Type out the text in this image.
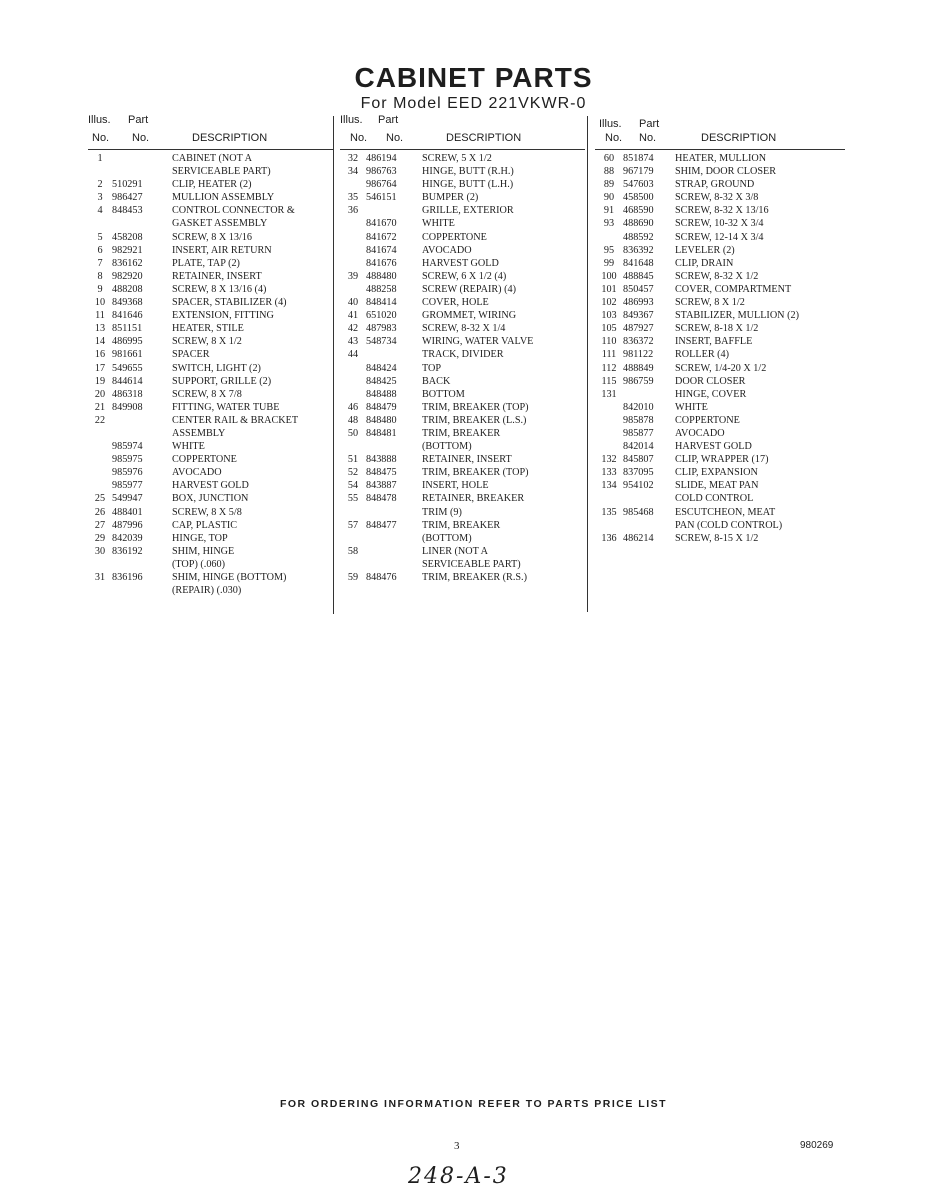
CABINET PARTS
For Model EED 221VKWR-0
Illus. Part
No. No.	DESCRIPTION
1	CABINET (NOT A
SERVICEABLE PART)
2 510291	CLIP, HEATER (2)
3 986427	MULLION ASSEMBLY
4 848453	CONTROL CONNECTOR &
GASKET ASSEMBLY
5 458208	SCREW, 8 X 13/16
6 982921	INSERT, AIR RETURN
7 836162	PLATE, TAP (2)
8 982920	RETAINER, INSERT
9 488208	SCREW, 8 X 13/16 (4)
10 849368	SPACER, STABILIZER (4)
11 841646	EXTENSION, FITTING
13 851151	HEATER, STILE
14 486995	SCREW, 8 X 1/2
16 981661	SPACER
17 549655	SWITCH, LIGHT (2)
19 844614	SUPPORT, GRILLE (2)
20 486318	SCREW, 8 X 7/8
21 849908	FITTING, WATER TUBE
22	CENTER RAIL & BRACKET
ASSEMBLY
985974	WHITE
985975	COPPERTONE
985976	AVOCADO
985977	HARVEST GOLD
25 549947	BOX, JUNCTION
26 488401	SCREW, 8 X 5/8
27 487996	CAP, PLASTIC
29 842039	HINGE, TOP
30 836192	SHIM, HINGE
(TOP) (.060)
31 836196	SHIM, HINGE (BOTTOM)
(REPAIR) (.030)
Illus. Part
No. No.	DESCRIPTION
32 486194	SCREW, 5 X 1/2
34 986763	HINGE, BUTT (R.H.)
986764	HINGE, BUTT (L.H.)
35 546151	BUMPER (2)
36	GRILLE, EXTERIOR
841670	WHITE
841672	COPPERTONE
841674	AVOCADO
841676	HARVEST GOLD
39 488480	SCREW, 6 X 1/2 (4)
488258	SCREW (REPAIR) (4)
40 848414	COVER, HOLE
41 651020	GROMMET, WIRING
42 487983	SCREW, 8-32 X 1/4
43 548734	WIRING, WATER VALVE
44	TRACK, DIVIDER
848424	TOP
848425	BACK
848488	BOTTOM
46 848479	TRIM, BREAKER (TOP)
48 848480	TRIM, BREAKER (L.S.)
50 848481	TRIM, BREAKER
(BOTTOM)
51 843888	RETAINER, INSERT
52 848475	TRIM, BREAKER (TOP)
54 843887	INSERT, HOLE
55 848478	RETAINER, BREAKER
TRIM (9)
57 848477	TRIM, BREAKER
(BOTTOM)
58	LINER (NOT A
SERVICEABLE PART)
59 848476	TRIM, BREAKER (R.S.)
Illus. Part
No. No.	DESCRIPTION
60 851874	HEATER, MULLION
88 967179	SHIM, DOOR CLOSER
89 547603	STRAP, GROUND
90 458500	SCREW, 8-32 X 3/8
91 468590	SCREW, 8-32 X 13/16
93 488690	SCREW, 10-32 X 3/4
488592	SCREW, 12-14 X 3/4
95 836392	LEVELER (2)
99 841648	CLIP, DRAIN
100 488845	SCREW, 8-32 X 1/2
101 850457	COVER, COMPARTMENT
102 486993	SCREW, 8 X 1/2
103 849367	STABILIZER, MULLION (2)
105 487927	SCREW, 8-18 X 1/2
110 836372	INSERT, BAFFLE
111 981122	ROLLER (4)
112 488849	SCREW, 1/4-20 X 1/2
115 986759	DOOR CLOSER
131	HINGE, COVER
842010	WHITE
985878	COPPERTONE
985877	AVOCADO
842014	HARVEST GOLD
132 845807	CLIP, WRAPPER (17)
133 837095	CLIP, EXPANSION
134 954102	SLIDE, MEAT PAN
COLD CONTROL
135 985468	ESCUTCHEON, MEAT
PAN (COLD CONTROL)
136 486214	SCREW, 8-15 X 1/2
FOR ORDERING INFORMATION REFER TO PARTS PRICE LIST
3	980269
248-A-3
